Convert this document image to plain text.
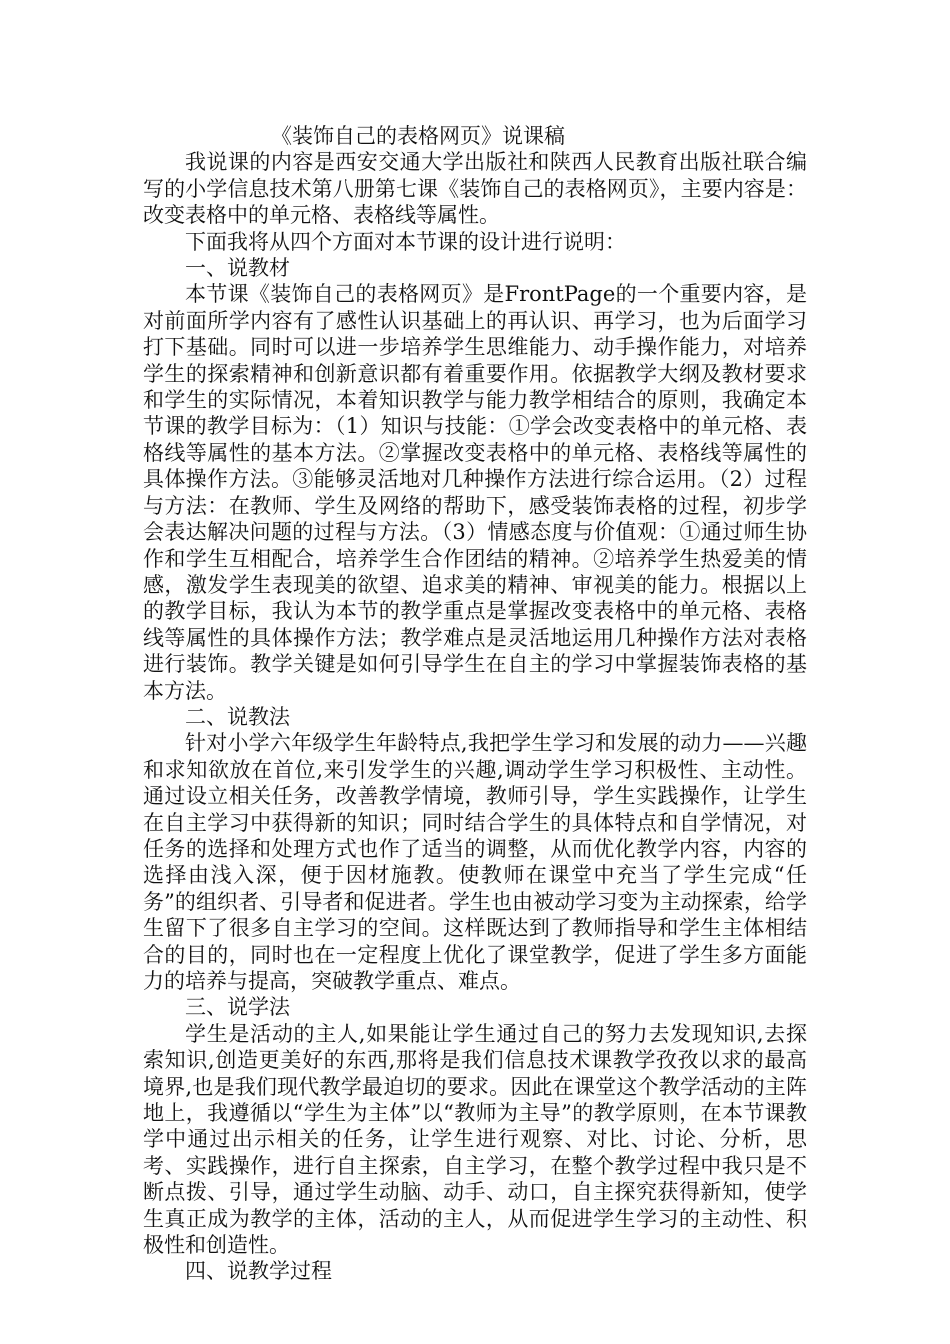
《装饰自己的表格网页》说课稿

我说课的内容是西安交通大学出版社和陕西人民教育出版社联合编写的小学信息技术第八册第七课《装饰自己的表格网页》，主要内容是：改变表格中的单元格、表格线等属性。

下面我将从四个方面对本节课的设计进行说明：

一、说教材

本节课《装饰自己的表格网页》是FrontPage的一个重要内容，是对前面所学内容有了感性认识基础上的再认识、再学习，也为后面学习打下基础。同时可以进一步培养学生思维能力、动手操作能力，对培养学生的探索精神和创新意识都有着重要作用。依据教学大纲及教材要求和学生的实际情况，本着知识教学与能力教学相结合的原则，我确定本节课的教学目标为：（1）知识与技能：①学会改变表格中的单元格、表格线等属性的基本方法。②掌握改变表格中的单元格、表格线等属性的具体操作方法。③能够灵活地对几种操作方法进行综合运用。（2）过程与方法：在教师、学生及网络的帮助下，感受装饰表格的过程，初步学会表达解决问题的过程与方法。（3）情感态度与价值观：①通过师生协作和学生互相配合，培养学生合作团结的精神。②培养学生热爱美的情感，激发学生表现美的欲望、追求美的精神、审视美的能力。根据以上的教学目标，我认为本节的教学重点是掌握改变表格中的单元格、表格线等属性的具体操作方法；教学难点是灵活地运用几种操作方法对表格进行装饰。教学关键是如何引导学生在自主的学习中掌握装饰表格的基本方法。

二、说教法

针对小学六年级学生年龄特点,我把学生学习和发展的动力——兴趣和求知欲放在首位,来引发学生的兴趣,调动学生学习积极性、主动性。通过设立相关任务，改善教学情境，教师引导，学生实践操作，让学生在自主学习中获得新的知识；同时结合学生的具体特点和自学情况，对任务的选择和处理方式也作了适当的调整，从而优化教学内容，内容的选择由浅入深，便于因材施教。使教师在课堂中充当了学生完成“任务”的组织者、引导者和促进者。学生也由被动学习变为主动探索，给学生留下了很多自主学习的空间。这样既达到了教师指导和学生主体相结合的目的，同时也在一定程度上优化了课堂教学，促进了学生多方面能力的培养与提高，突破教学重点、难点。

三、说学法

学生是活动的主人,如果能让学生通过自己的努力去发现知识,去探索知识,创造更美好的东西,那将是我们信息技术课教学孜孜以求的最高境界,也是我们现代教学最迫切的要求。因此在课堂这个教学活动的主阵地上，我遵循以“学生为主体”以“教师为主导”的教学原则，在本节课教学中通过出示相关的任务，让学生进行观察、对比、讨论、分析，思考、实践操作，进行自主探索，自主学习，在整个教学过程中我只是不断点拨、引导，通过学生动脑、动手、动口，自主探究获得新知，使学生真正成为教学的主体，活动的主人，从而促进学生学习的主动性、积极性和创造性。

四、说教学过程
